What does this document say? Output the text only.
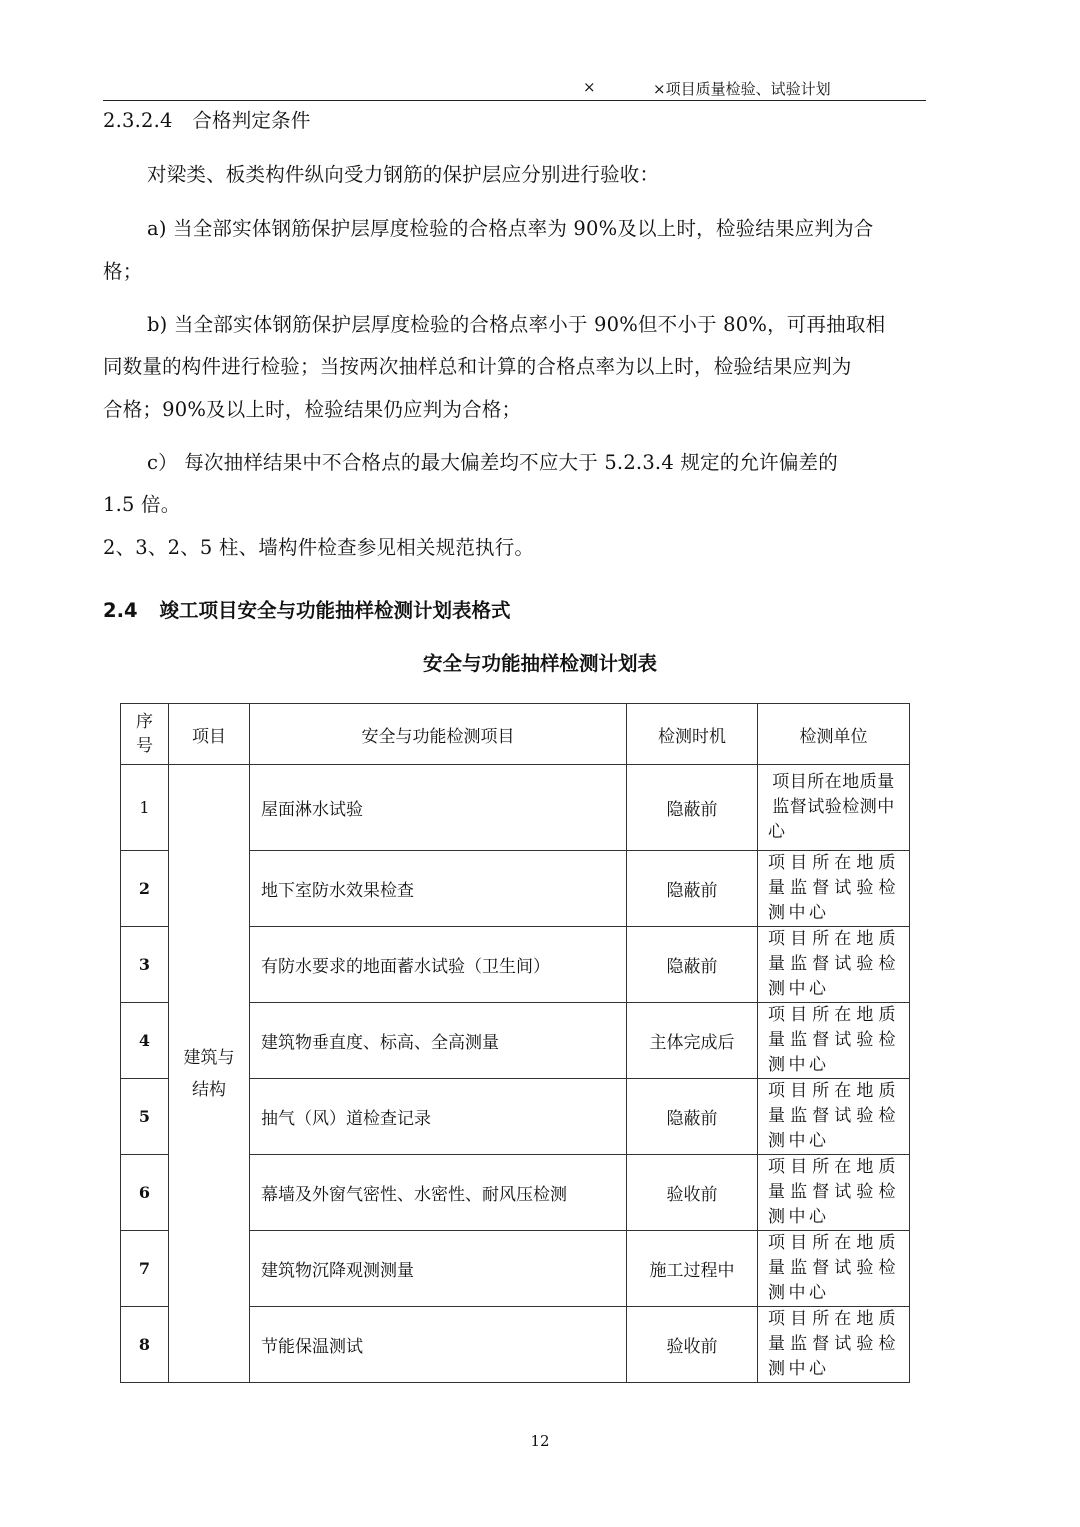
×	×项目质量检验、试验计划
2.3.2.4　合格判定条件
对梁类、板类构件纵向受力钢筋的保护层应分别进行验收：
a) 当全部实体钢筋保护层厚度检验的合格点率为 90%及以上时，检验结果应判为合
格；
b) 当全部实体钢筋保护层厚度检验的合格点率小于 90%但不小于 80%，可再抽取相
同数量的构件进行检验；当按两次抽样总和计算的合格点率为以上时，检验结果应判为
合格；90%及以上时，检验结果仍应判为合格；
c） 每次抽样结果中不合格点的最大偏差均不应大于 5.2.3.4 规定的允许偏差的
1.5 倍。
2、3、2、5 柱、墙构件检查参见相关规范执行。
2.4 竣工项目安全与功能抽样检测计划表格式
安全与功能抽样检测计划表
序号	项目	安全与功能检测项目	检测时机	检测单位
1	建筑与结构	屋面淋水试验	隐蔽前	项目所在地质量监督试验检测中心
2		地下室防水效果检查	隐蔽前	项目所在地质量监督试验检测中心
3		有防水要求的地面蓄水试验（卫生间）	隐蔽前	项目所在地质量监督试验检测中心
4		建筑物垂直度、标高、全高测量	主体完成后	项目所在地质量监督试验检测中心
5		抽气（风）道检查记录	隐蔽前	项目所在地质量监督试验检测中心
6		幕墙及外窗气密性、水密性、耐风压检测	验收前	项目所在地质量监督试验检测中心
7		建筑物沉降观测测量	施工过程中	项目所在地质量监督试验检测中心
8		节能保温测试	验收前	项目所在地质量监督试验检测中心
12
